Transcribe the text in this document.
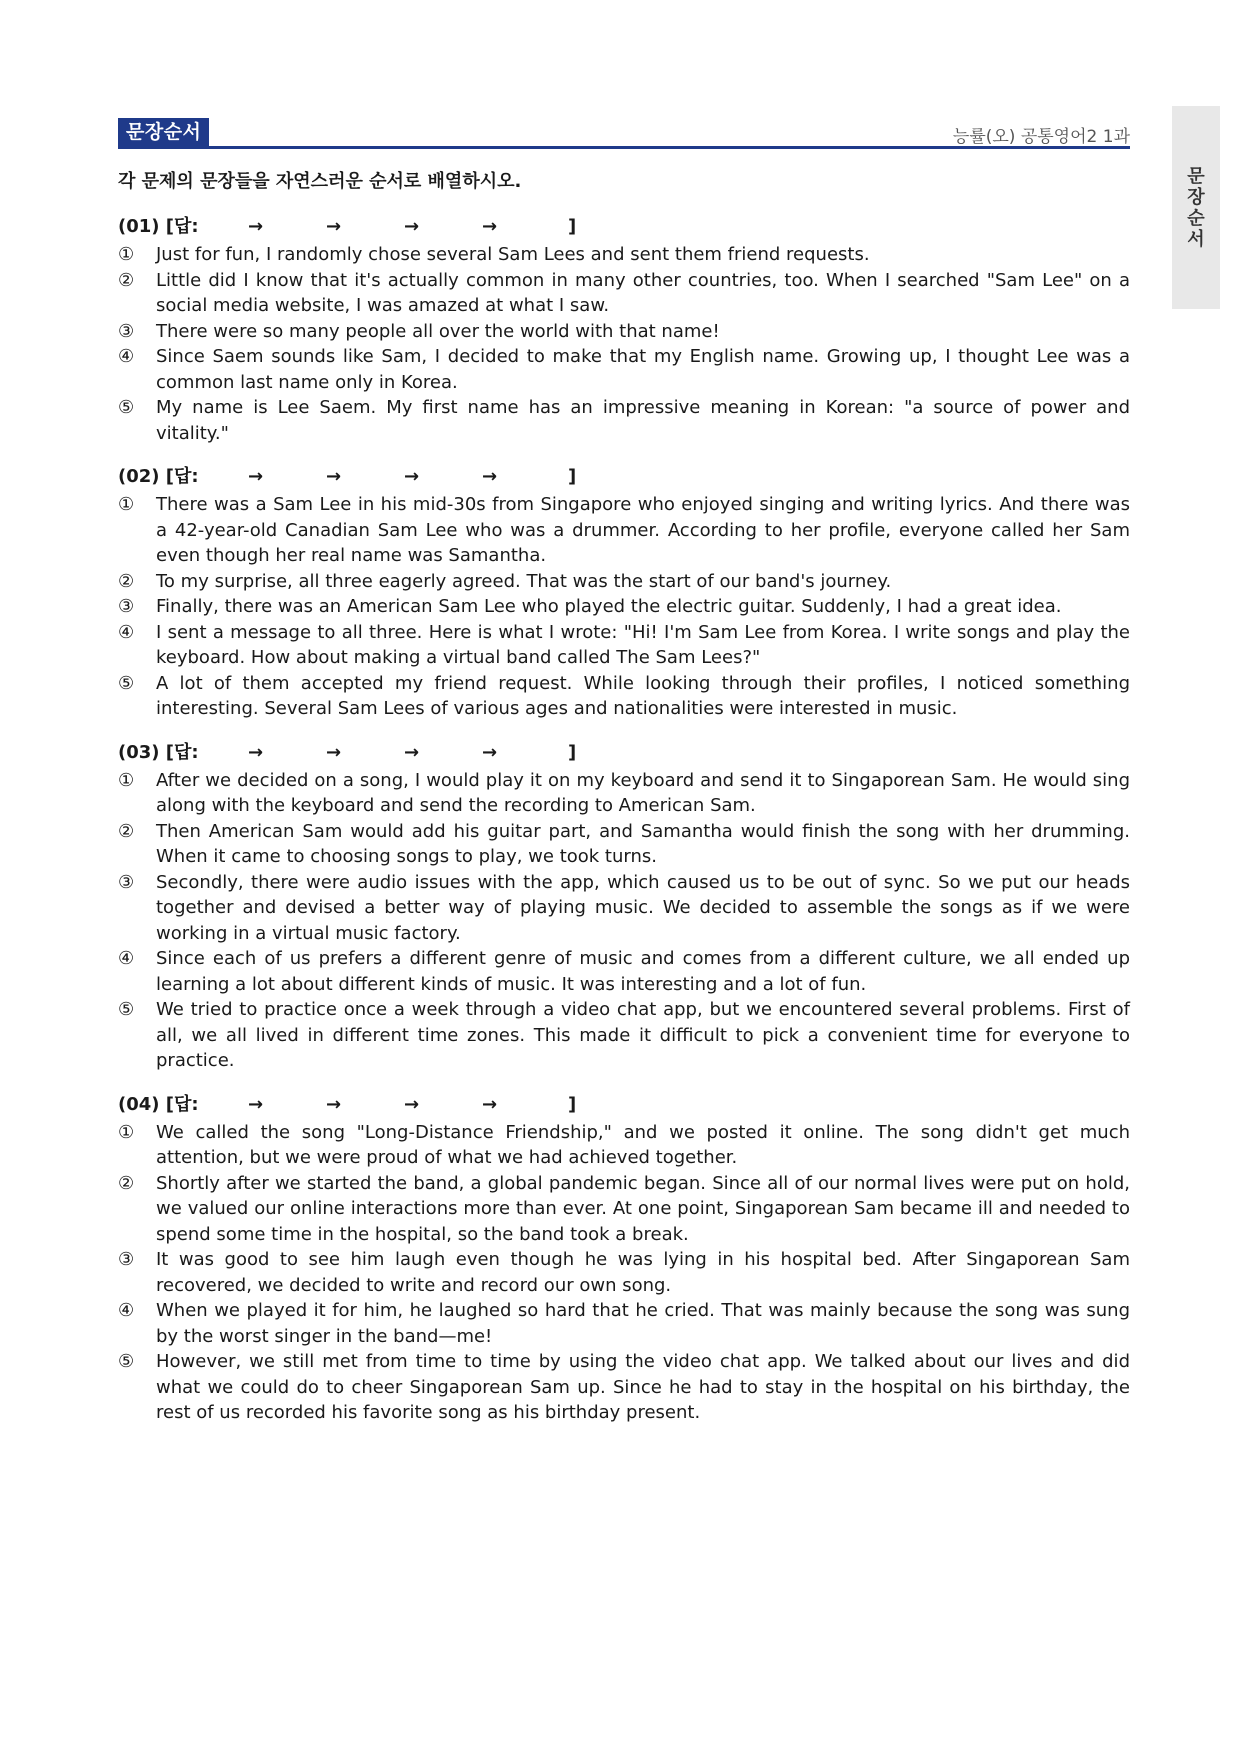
문장순서	능률(오) 공통영어2 1과
문장순서
각 문제의 문장들을 자연스러운 순서로 배열하시오.
(01) [답:	→	→	→	→	]
① Just for fun, I randomly chose several Sam Lees and sent them friend requests.
② Little did I know that it's actually common in many other countries, too. When I searched "Sam Lee" on a social media website, I was amazed at what I saw.
③ There were so many people all over the world with that name!
④ Since Saem sounds like Sam, I decided to make that my English name. Growing up, I thought Lee was a common last name only in Korea.
⑤ My name is Lee Saem. My first name has an impressive meaning in Korean: "a source of power and vitality."
(02) [답:	→	→	→	→	]
① There was a Sam Lee in his mid-30s from Singapore who enjoyed singing and writing lyrics. And there was a 42-year-old Canadian Sam Lee who was a drummer. According to her profile, everyone called her Sam even though her real name was Samantha.
② To my surprise, all three eagerly agreed. That was the start of our band's journey.
③ Finally, there was an American Sam Lee who played the electric guitar. Suddenly, I had a great idea.
④ I sent a message to all three. Here is what I wrote: "Hi! I'm Sam Lee from Korea. I write songs and play the keyboard. How about making a virtual band called The Sam Lees?"
⑤ A lot of them accepted my friend request. While looking through their profiles, I noticed something interesting. Several Sam Lees of various ages and nationalities were interested in music.
(03) [답:	→	→	→	→	]
① After we decided on a song, I would play it on my keyboard and send it to Singaporean Sam. He would sing along with the keyboard and send the recording to American Sam.
② Then American Sam would add his guitar part, and Samantha would finish the song with her drumming. When it came to choosing songs to play, we took turns.
③ Secondly, there were audio issues with the app, which caused us to be out of sync. So we put our heads together and devised a better way of playing music. We decided to assemble the songs as if we were working in a virtual music factory.
④ Since each of us prefers a different genre of music and comes from a different culture, we all ended up learning a lot about different kinds of music. It was interesting and a lot of fun.
⑤ We tried to practice once a week through a video chat app, but we encountered several problems. First of all, we all lived in different time zones. This made it difficult to pick a convenient time for everyone to practice.
(04) [답:	→	→	→	→	]
① We called the song "Long-Distance Friendship," and we posted it online. The song didn't get much attention, but we were proud of what we had achieved together.
② Shortly after we started the band, a global pandemic began. Since all of our normal lives were put on hold, we valued our online interactions more than ever. At one point, Singaporean Sam became ill and needed to spend some time in the hospital, so the band took a break.
③ It was good to see him laugh even though he was lying in his hospital bed. After Singaporean Sam recovered, we decided to write and record our own song.
④ When we played it for him, he laughed so hard that he cried. That was mainly because the song was sung by the worst singer in the band—me!
⑤ However, we still met from time to time by using the video chat app. We talked about our lives and did what we could do to cheer Singaporean Sam up. Since he had to stay in the hospital on his birthday, the rest of us recorded his favorite song as his birthday present.
